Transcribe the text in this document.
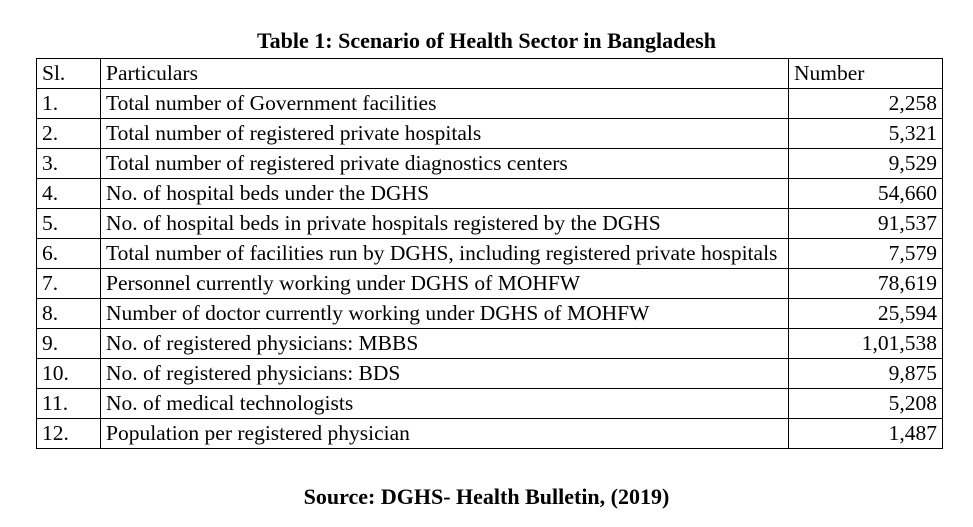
Table 1: Scenario of Health Sector in Bangladesh
Sl.	Particulars	Number
1.	Total number of Government facilities	2,258
2.	Total number of registered private hospitals	5,321
3.	Total number of registered private diagnostics centers	9,529
4.	No. of hospital beds under the DGHS	54,660
5.	No. of hospital beds in private hospitals registered by the DGHS	91,537
6.	Total number of facilities run by DGHS, including registered private hospitals	7,579
7.	Personnel currently working under DGHS of MOHFW	78,619
8.	Number of doctor currently working under DGHS of MOHFW	25,594
9.	No. of registered physicians: MBBS	1,01,538
10.	No. of registered physicians: BDS	9,875
11.	No. of medical technologists	5,208
12.	Population per registered physician	1,487
Source: DGHS- Health Bulletin, (2019)
